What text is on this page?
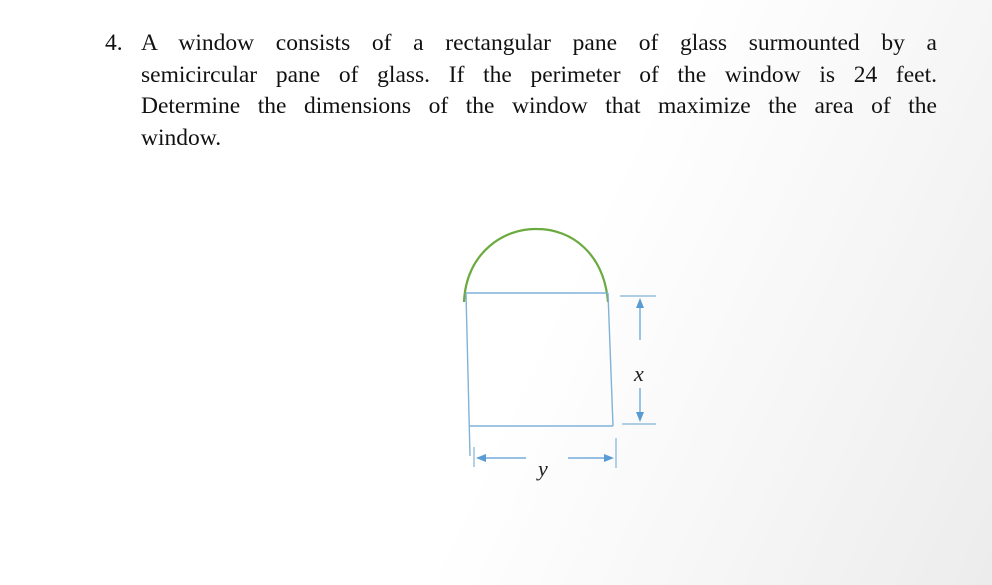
4. A window consists of a rectangular pane of glass surmounted by a
semicircular pane of glass. If the perimeter of the window is 24 feet.
Determine the dimensions of the window that maximize the area of the
window.
x
y
